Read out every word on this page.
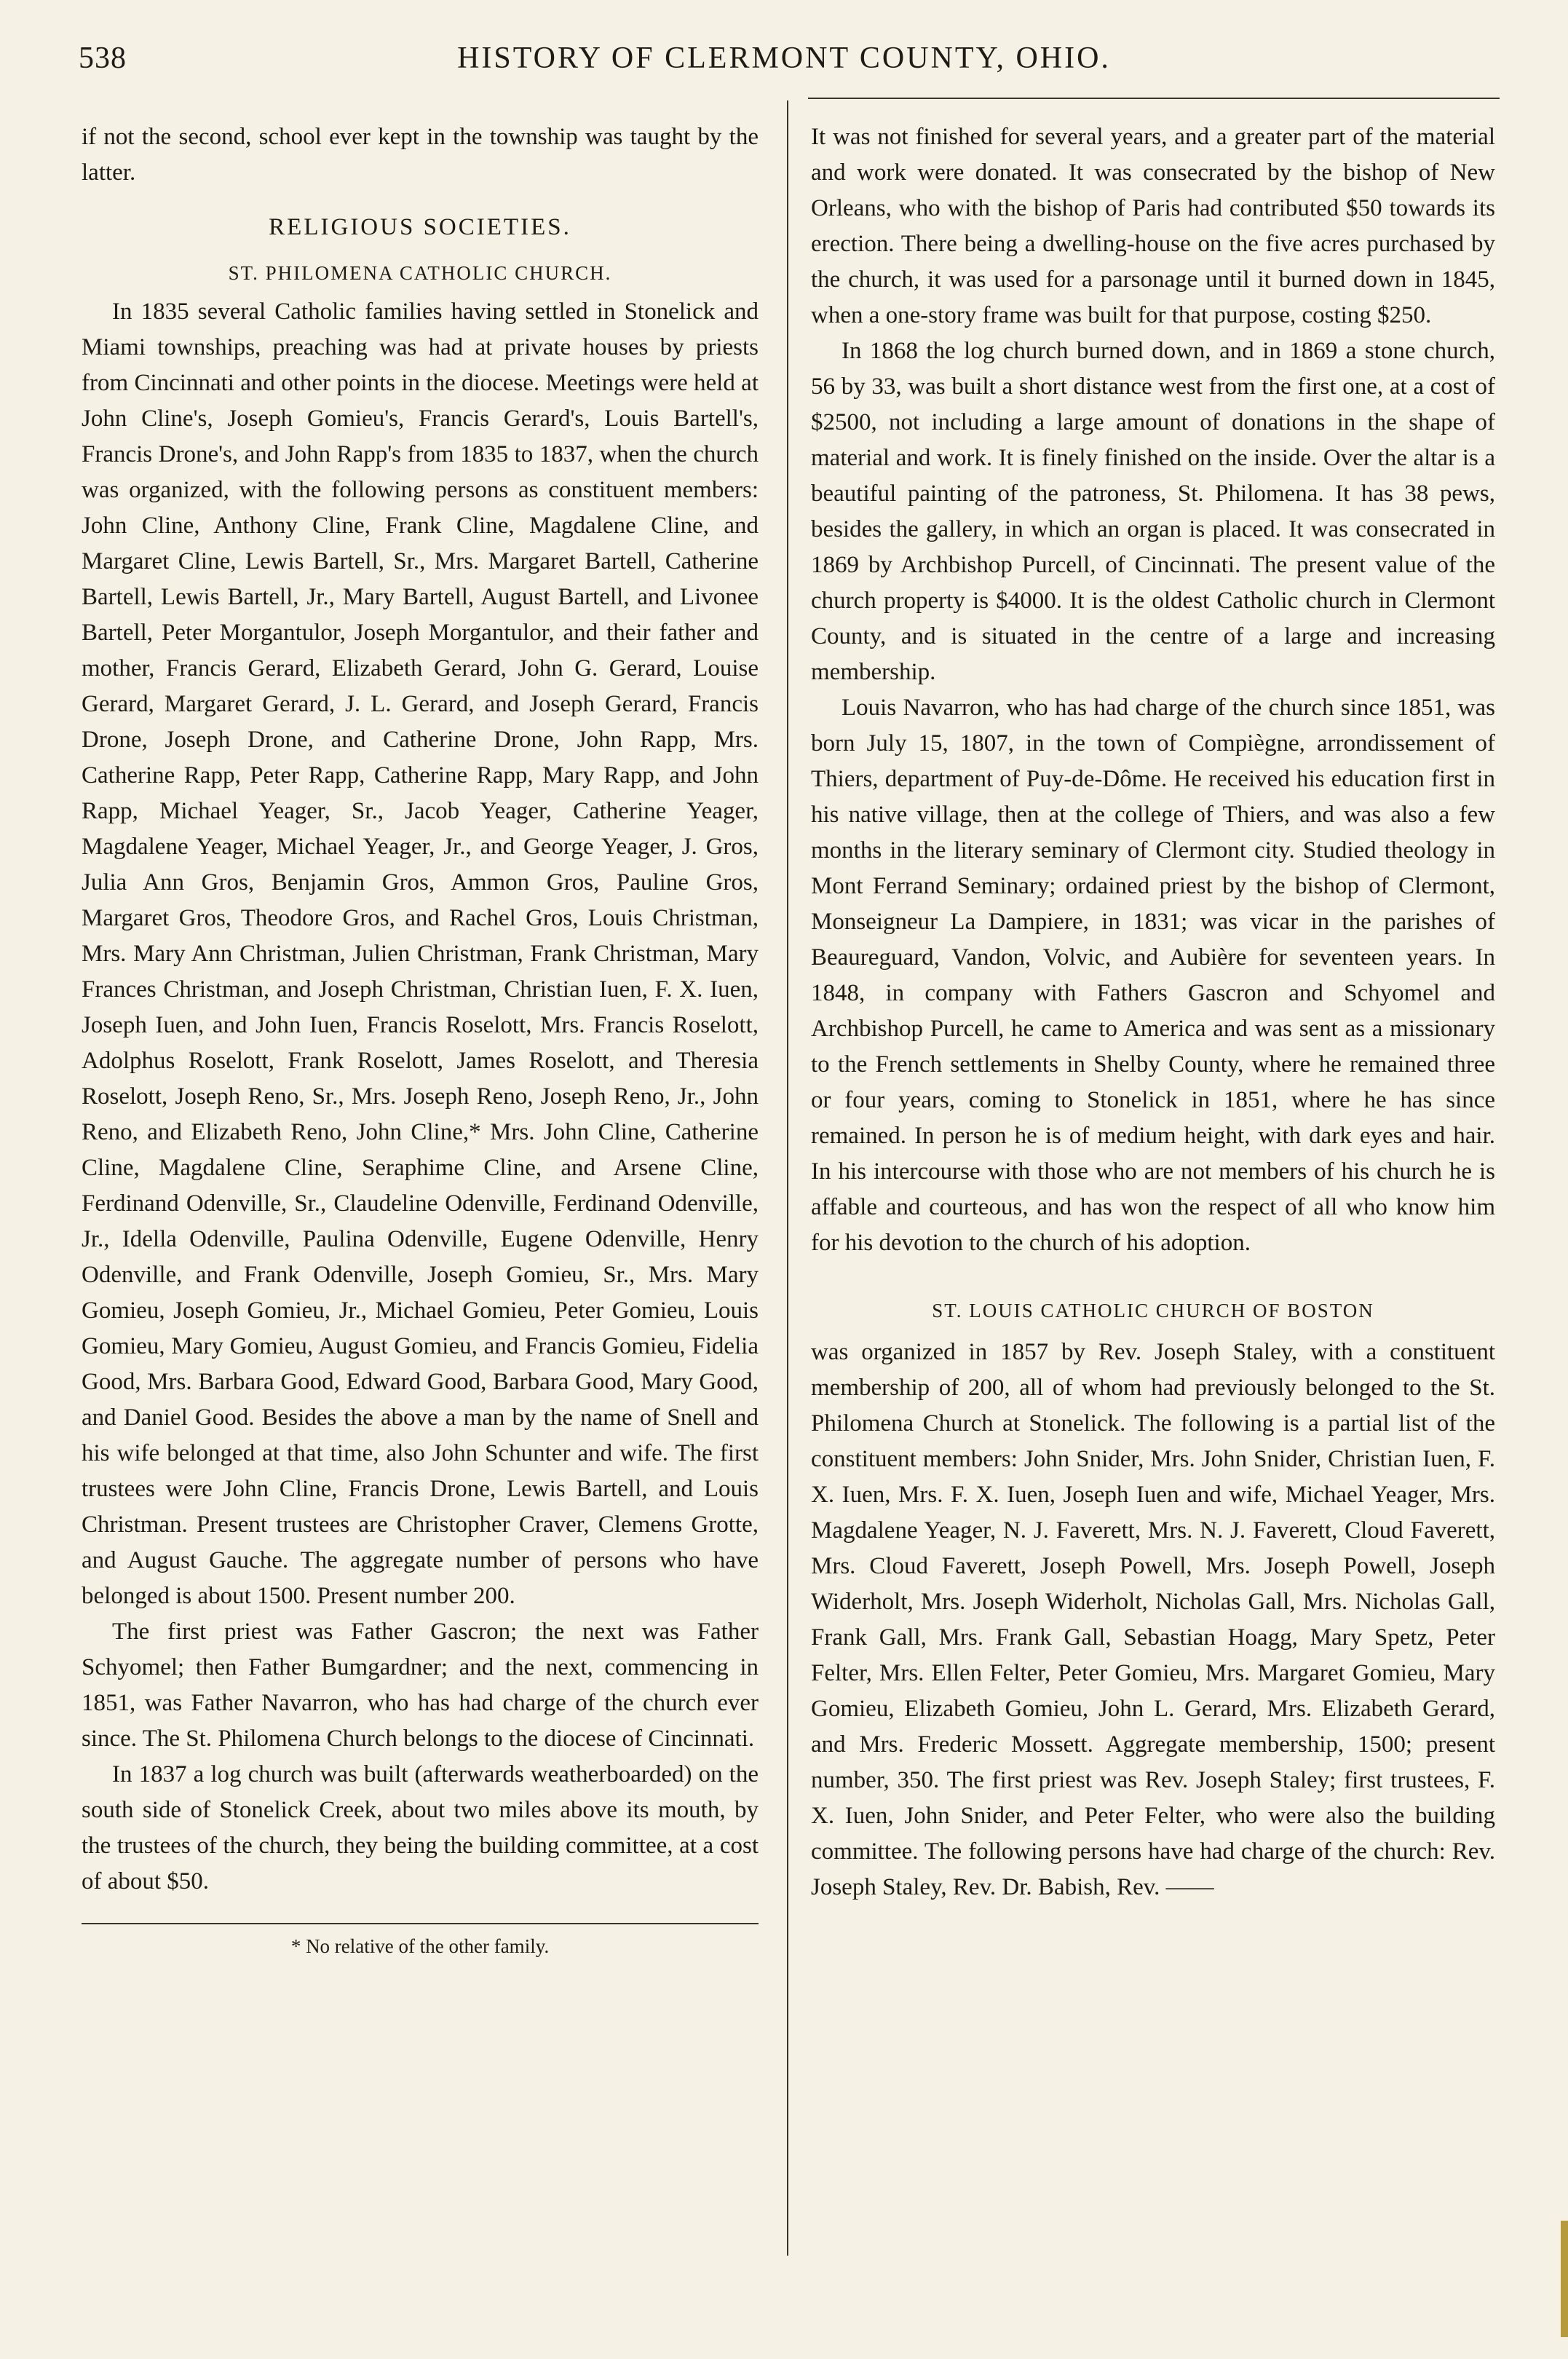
538	HISTORY OF CLERMONT COUNTY, OHIO.

if not the second, school ever kept in the township was taught by the latter.

RELIGIOUS SOCIETIES.
ST. PHILOMENA CATHOLIC CHURCH.

In 1835 several Catholic families having settled in Stonelick and Miami townships, preaching was had at private houses by priests from Cincinnati and other points in the diocese. Meetings were held at John Cline's, Joseph Gomieu's, Francis Gerard's, Louis Bartell's, Francis Drone's, and John Rapp's from 1835 to 1837, when the church was organized, with the following persons as constituent members: John Cline, Anthony Cline, Frank Cline, Magdalene Cline, and Margaret Cline, Lewis Bartell, Sr., Mrs. Margaret Bartell, Catherine Bartell, Lewis Bartell, Jr., Mary Bartell, August Bartell, and Livonee Bartell, Peter Morgantulor, Joseph Morgantulor, and their father and mother, Francis Gerard, Elizabeth Gerard, John G. Gerard, Louise Gerard, Margaret Gerard, J. L. Gerard, and Joseph Gerard, Francis Drone, Joseph Drone, and Catherine Drone, John Rapp, Mrs. Catherine Rapp, Peter Rapp, Catherine Rapp, Mary Rapp, and John Rapp, Michael Yeager, Sr., Jacob Yeager, Catherine Yeager, Magdalene Yeager, Michael Yeager, Jr., and George Yeager, J. Gros, Julia Ann Gros, Benjamin Gros, Ammon Gros, Pauline Gros, Margaret Gros, Theodore Gros, and Rachel Gros, Louis Christman, Mrs. Mary Ann Christman, Julien Christman, Frank Christman, Mary Frances Christman, and Joseph Christman, Christian Iuen, F. X. Iuen, Joseph Iuen, and John Iuen, Francis Roselott, Mrs. Francis Roselott, Adolphus Roselott, Frank Roselott, James Roselott, and Theresia Roselott, Joseph Reno, Sr., Mrs. Joseph Reno, Joseph Reno, Jr., John Reno, and Elizabeth Reno, John Cline,* Mrs. John Cline, Catherine Cline, Magdalene Cline, Seraphime Cline, and Arsene Cline, Ferdinand Odenville, Sr., Claudeline Odenville, Ferdinand Odenville, Jr., Idella Odenville, Paulina Odenville, Eugene Odenville, Henry Odenville, and Frank Odenville, Joseph Gomieu, Sr., Mrs. Mary Gomieu, Joseph Gomieu, Jr., Michael Gomieu, Peter Gomieu, Louis Gomieu, Mary Gomieu, August Gomieu, and Francis Gomieu, Fidelia Good, Mrs. Barbara Good, Edward Good, Barbara Good, Mary Good, and Daniel Good. Besides the above a man by the name of Snell and his wife belonged at that time, also John Schunter and wife. The first trustees were John Cline, Francis Drone, Lewis Bartell, and Louis Christman. Present trustees are Christopher Craver, Clemens Grotte, and August Gauche. The aggregate number of persons who have belonged is about 1500. Present number 200.

The first priest was Father Gascron; the next was Father Schyomel; then Father Bumgardner; and the next, commencing in 1851, was Father Navarron, who has had charge of the church ever since. The St. Philomena Church belongs to the diocese of Cincinnati.

In 1837 a log church was built (afterwards weatherboarded) on the south side of Stonelick Creek, about two miles above its mouth, by the trustees of the church, they being the building committee, at a cost of about $50.

* No relative of the other family.

It was not finished for several years, and a greater part of the material and work were donated. It was consecrated by the bishop of New Orleans, who with the bishop of Paris had contributed $50 towards its erection. There being a dwelling-house on the five acres purchased by the church, it was used for a parsonage until it burned down in 1845, when a one-story frame was built for that purpose, costing $250.

In 1868 the log church burned down, and in 1869 a stone church, 56 by 33, was built a short distance west from the first one, at a cost of $2500, not including a large amount of donations in the shape of material and work. It is finely finished on the inside. Over the altar is a beautiful painting of the patroness, St. Philomena. It has 38 pews, besides the gallery, in which an organ is placed. It was consecrated in 1869 by Archbishop Purcell, of Cincinnati. The present value of the church property is $4000. It is the oldest Catholic church in Clermont County, and is situated in the centre of a large and increasing membership.

Louis Navarron, who has had charge of the church since 1851, was born July 15, 1807, in the town of Compiègne, arrondissement of Thiers, department of Puy-de-Dôme. He received his education first in his native village, then at the college of Thiers, and was also a few months in the literary seminary of Clermont city. Studied theology in Mont Ferrand Seminary; ordained priest by the bishop of Clermont, Monseigneur La Dampiere, in 1831; was vicar in the parishes of Beaureguard, Vandon, Volvic, and Aubière for seventeen years. In 1848, in company with Fathers Gascron and Schyomel and Archbishop Purcell, he came to America and was sent as a missionary to the French settlements in Shelby County, where he remained three or four years, coming to Stonelick in 1851, where he has since remained. In person he is of medium height, with dark eyes and hair. In his intercourse with those who are not members of his church he is affable and courteous, and has won the respect of all who know him for his devotion to the church of his adoption.

ST. LOUIS CATHOLIC CHURCH OF BOSTON

was organized in 1857 by Rev. Joseph Staley, with a constituent membership of 200, all of whom had previously belonged to the St. Philomena Church at Stonelick. The following is a partial list of the constituent members: John Snider, Mrs. John Snider, Christian Iuen, F. X. Iuen, Mrs. F. X. Iuen, Joseph Iuen and wife, Michael Yeager, Mrs. Magdalene Yeager, N. J. Faverett, Mrs. N. J. Faverett, Cloud Faverett, Mrs. Cloud Faverett, Joseph Powell, Mrs. Joseph Powell, Joseph Widerholt, Mrs. Joseph Widerholt, Nicholas Gall, Mrs. Nicholas Gall, Frank Gall, Mrs. Frank Gall, Sebastian Hoagg, Mary Spetz, Peter Felter, Mrs. Ellen Felter, Peter Gomieu, Mrs. Margaret Gomieu, Mary Gomieu, Elizabeth Gomieu, John L. Gerard, Mrs. Elizabeth Gerard, and Mrs. Frederic Mossett. Aggregate membership, 1500; present number, 350. The first priest was Rev. Joseph Staley; first trustees, F. X. Iuen, John Snider, and Peter Felter, who were also the building committee. The following persons have had charge of the church: Rev. Joseph Staley, Rev. Dr. Babish, Rev. ——
